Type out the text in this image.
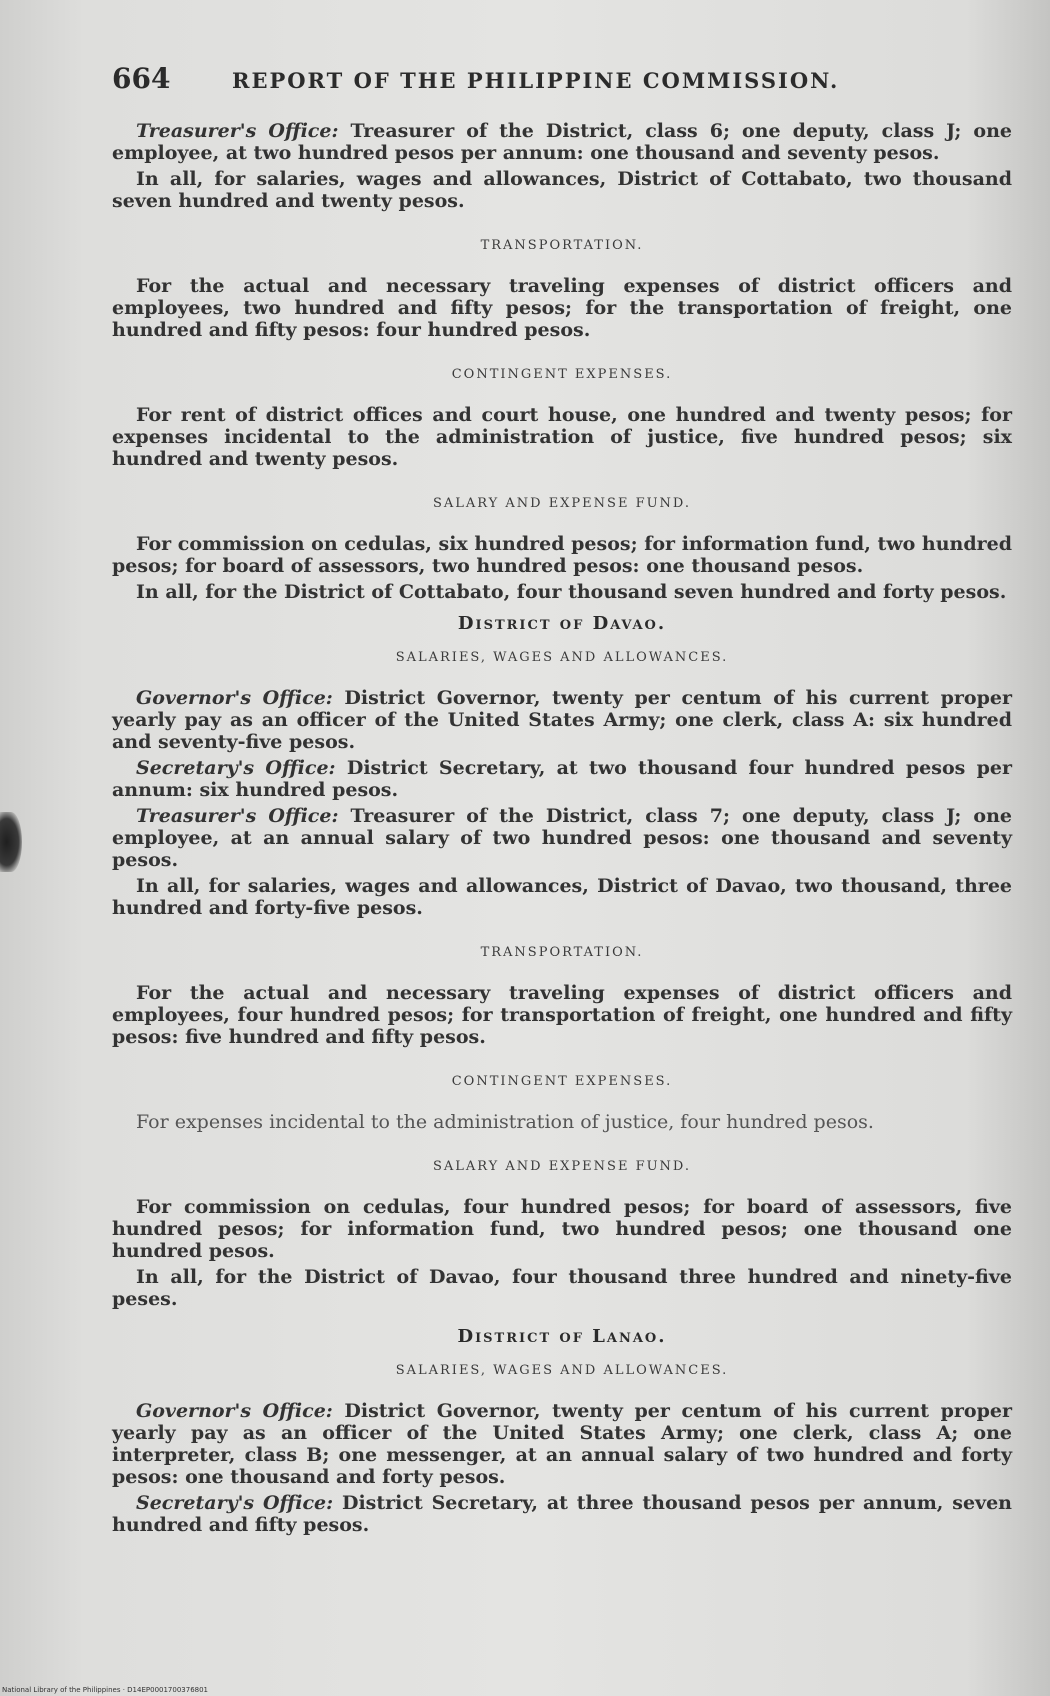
664	REPORT OF THE PHILIPPINE COMMISSION.

Treasurer's Office: Treasurer of the District, class 6; one deputy, class J; one employee, at two hundred pesos per annum: one thousand and seventy pesos.

In all, for salaries, wages and allowances, District of Cottabato, two thousand seven hundred and twenty pesos.

TRANSPORTATION.

For the actual and necessary traveling expenses of district officers and employees, two hundred and fifty pesos; for the transportation of freight, one hundred and fifty pesos: four hundred pesos.

CONTINGENT EXPENSES.

For rent of district offices and court house, one hundred and twenty pesos; for expenses incidental to the administration of justice, five hundred pesos; six hundred and twenty pesos.

SALARY AND EXPENSE FUND.

For commission on cedulas, six hundred pesos; for information fund, two hundred pesos; for board of assessors, two hundred pesos: one thousand pesos.

In all, for the District of Cottabato, four thousand seven hundred and forty pesos.

District of Davao.
SALARIES, WAGES AND ALLOWANCES.

Governor's Office: District Governor, twenty per centum of his current proper yearly pay as an officer of the United States Army; one clerk, class A: six hundred and seventy-five pesos.

Secretary's Office: District Secretary, at two thousand four hundred pesos per annum: six hundred pesos.

Treasurer's Office: Treasurer of the District, class 7; one deputy, class J; one employee, at an annual salary of two hundred pesos: one thousand and seventy pesos.

In all, for salaries, wages and allowances, District of Davao, two thousand, three hundred and forty-five pesos.

TRANSPORTATION.

For the actual and necessary traveling expenses of district officers and employees, four hundred pesos; for transportation of freight, one hundred and fifty pesos: five hundred and fifty pesos.

CONTINGENT EXPENSES.

For expenses incidental to the administration of justice, four hundred pesos.

SALARY AND EXPENSE FUND.

For commission on cedulas, four hundred pesos; for board of assessors, five hundred pesos; for information fund, two hundred pesos; one thousand one hundred pesos.

In all, for the District of Davao, four thousand three hundred and ninety-five peses.

District of Lanao.
SALARIES, WAGES AND ALLOWANCES.

Governor's Office: District Governor, twenty per centum of his current proper yearly pay as an officer of the United States Army; one clerk, class A; one interpreter, class B; one messenger, at an annual salary of two hundred and forty pesos: one thousand and forty pesos.

Secretary's Office: District Secretary, at three thousand pesos per annum, seven hundred and fifty pesos.

National Library of the Philippines · D14EP0001700376801
